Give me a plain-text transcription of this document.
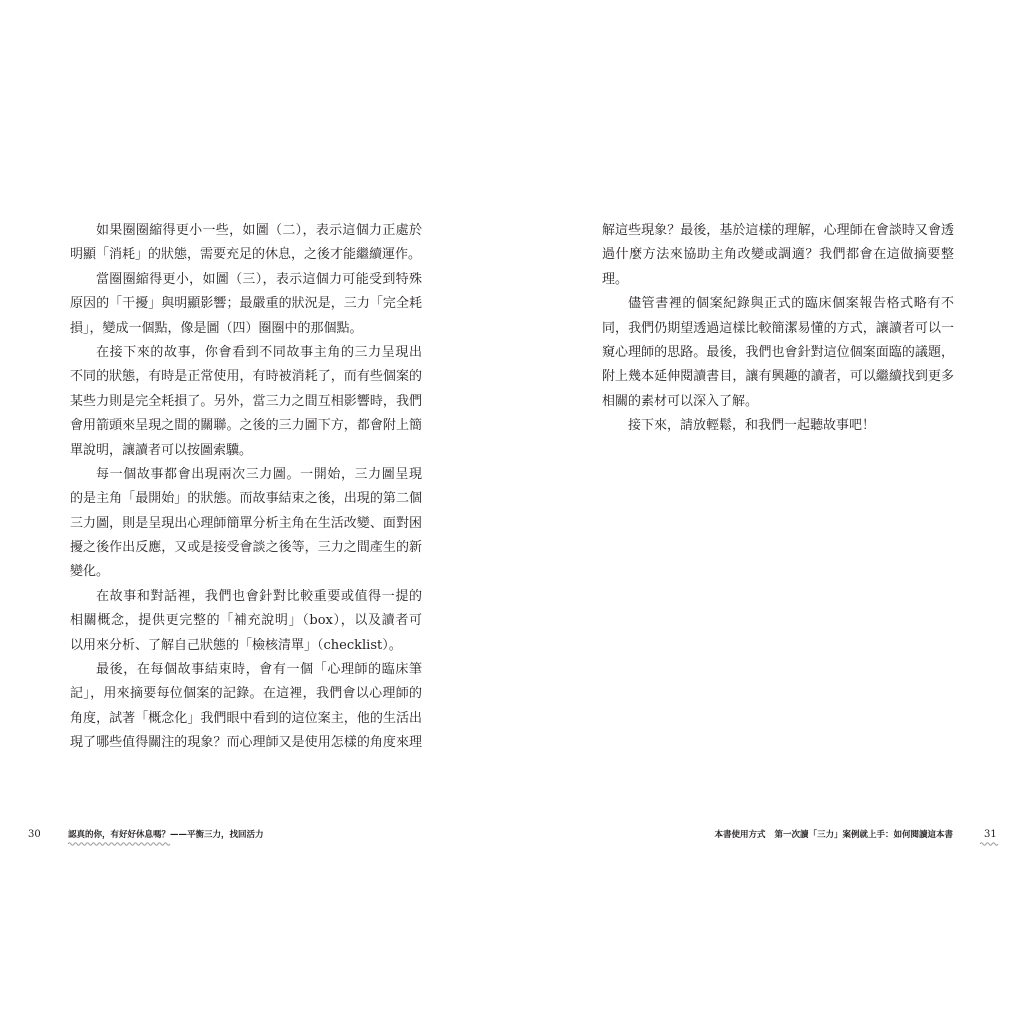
如果圈圈縮得更小一些，如圖（二），表示這個力正處於
明顯「消耗」的狀態，需要充足的休息，之後才能繼續運作。
當圈圈縮得更小，如圖（三），表示這個力可能受到特殊
原因的「干擾」與明顯影響；最嚴重的狀況是，三力「完全耗
損」，變成一個點，像是圖（四）圈圈中的那個點。
在接下來的故事，你會看到不同故事主角的三力呈現出
不同的狀態，有時是正常使用，有時被消耗了，而有些個案的
某些力則是完全耗損了。另外，當三力之間互相影響時，我們
會用箭頭來呈現之間的關聯。之後的三力圖下方，都會附上簡
單說明，讓讀者可以按圖索驥。
每一個故事都會出現兩次三力圖。一開始，三力圖呈現
的是主角「最開始」的狀態。而故事結束之後，出現的第二個
三力圖，則是呈現出心理師簡單分析主角在生活改變、面對困
擾之後作出反應，又或是接受會談之後等，三力之間產生的新
變化。
在故事和對話裡，我們也會針對比較重要或值得一提的
相關概念，提供更完整的「補充說明」（box），以及讀者可
以用來分析、了解自己狀態的「檢核清單」（checklist）。
最後，在每個故事結束時，會有一個「心理師的臨床筆
記」，用來摘要每位個案的記錄。在這裡，我們會以心理師的
角度，試著「概念化」我們眼中看到的這位案主，他的生活出
現了哪些值得關注的現象？而心理師又是使用怎樣的角度來理
解這些現象？最後，基於這樣的理解，心理師在會談時又會透
過什麼方法來協助主角改變或調適？我們都會在這做摘要整
理。
儘管書裡的個案紀錄與正式的臨床個案報告格式略有不
同，我們仍期望透過這樣比較簡潔易懂的方式，讓讀者可以一
窺心理師的思路。最後，我們也會針對這位個案面臨的議題，
附上幾本延伸閱讀書目，讓有興趣的讀者，可以繼續找到更多
相關的素材可以深入了解。
接下來，請放輕鬆，和我們一起聽故事吧！
30	認真的你，有好好休息嗎？——平衡三力，找回活力	本書使用方式 第一次讀「三力」案例就上手：如何閱讀這本書	31
